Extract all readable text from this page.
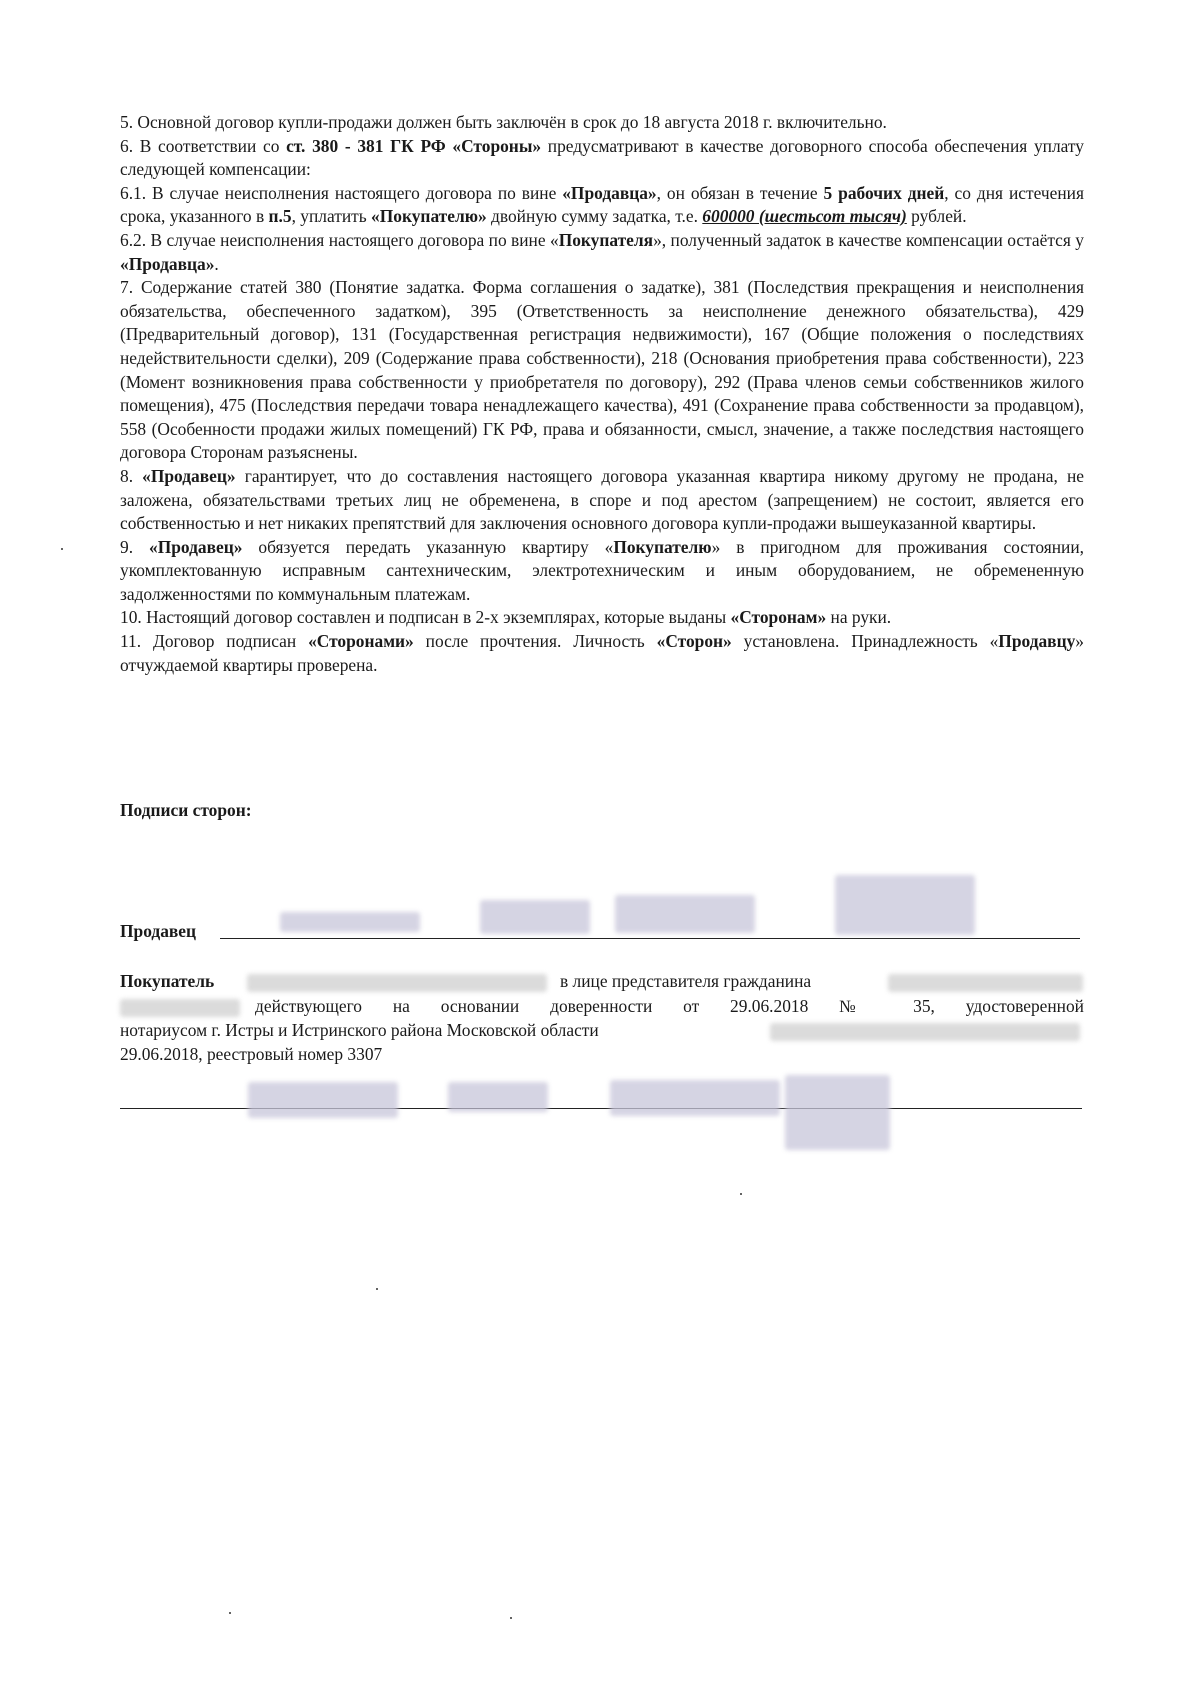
5. Основной договор купли-продажи должен быть заключён в срок до 18 августа 2018 г. включительно.

6. В соответствии со ст. 380 - 381 ГК РФ «Стороны» предусматривают в качестве договорного способа обеспечения уплату следующей компенсации:

6.1. В случае неисполнения настоящего договора по вине «Продавца», он обязан в течение 5 рабочих дней, со дня истечения срока, указанного в п.5, уплатить «Покупателю» двойную сумму задатка, т.е. 600000 (шестьсот тысяч) рублей.

6.2. В случае неисполнения настоящего договора по вине «Покупателя», полученный задаток в качестве компенсации остаётся у «Продавца».

7. Содержание статей 380 (Понятие задатка. Форма соглашения о задатке), 381 (Последствия прекращения и неисполнения обязательства, обеспеченного задатком), 395 (Ответственность за неисполнение денежного обязательства), 429 (Предварительный договор), 131 (Государственная регистрация недвижимости), 167 (Общие положения о последствиях недействительности сделки), 209 (Содержание права собственности), 218 (Основания приобретения права собственности), 223 (Момент возникновения права собственности у приобретателя по договору), 292 (Права членов семьи собственников жилого помещения), 475 (Последствия передачи товара ненадлежащего качества), 491 (Сохранение права собственности за продавцом), 558 (Особенности продажи жилых помещений) ГК РФ, права и обязанности, смысл, значение, а также последствия настоящего договора Сторонам разъяснены.

8. «Продавец» гарантирует, что до составления настоящего договора указанная квартира никому другому не продана, не заложена, обязательствами третьих лиц не обременена, в споре и под арестом (запрещением) не состоит, является его собственностью и нет никаких препятствий для заключения основного договора купли-продажи вышеуказанной квартиры.

9. «Продавец» обязуется передать указанную квартиру «Покупателю» в пригодном для проживания состоянии, укомплектованную исправным сантехническим, электротехническим и иным оборудованием, не обремененную задолженностями по коммунальным платежам.

10. Настоящий договор составлен и подписан в 2-х экземплярах, которые выданы «Сторонам» на руки.

11. Договор подписан «Сторонами» после прочтения. Личность «Сторон» установлена. Принадлежность «Продавцу» отчуждаемой квартиры проверена.

Подписи сторон:
Продавец
Покупатель	в лице представителя гражданина
действующего на основании доверенности от 29.06.2018 № 35, удостоверенной
нотариусом г. Истры и Истринского района Московской области
29.06.2018, реестровый номер 3307
